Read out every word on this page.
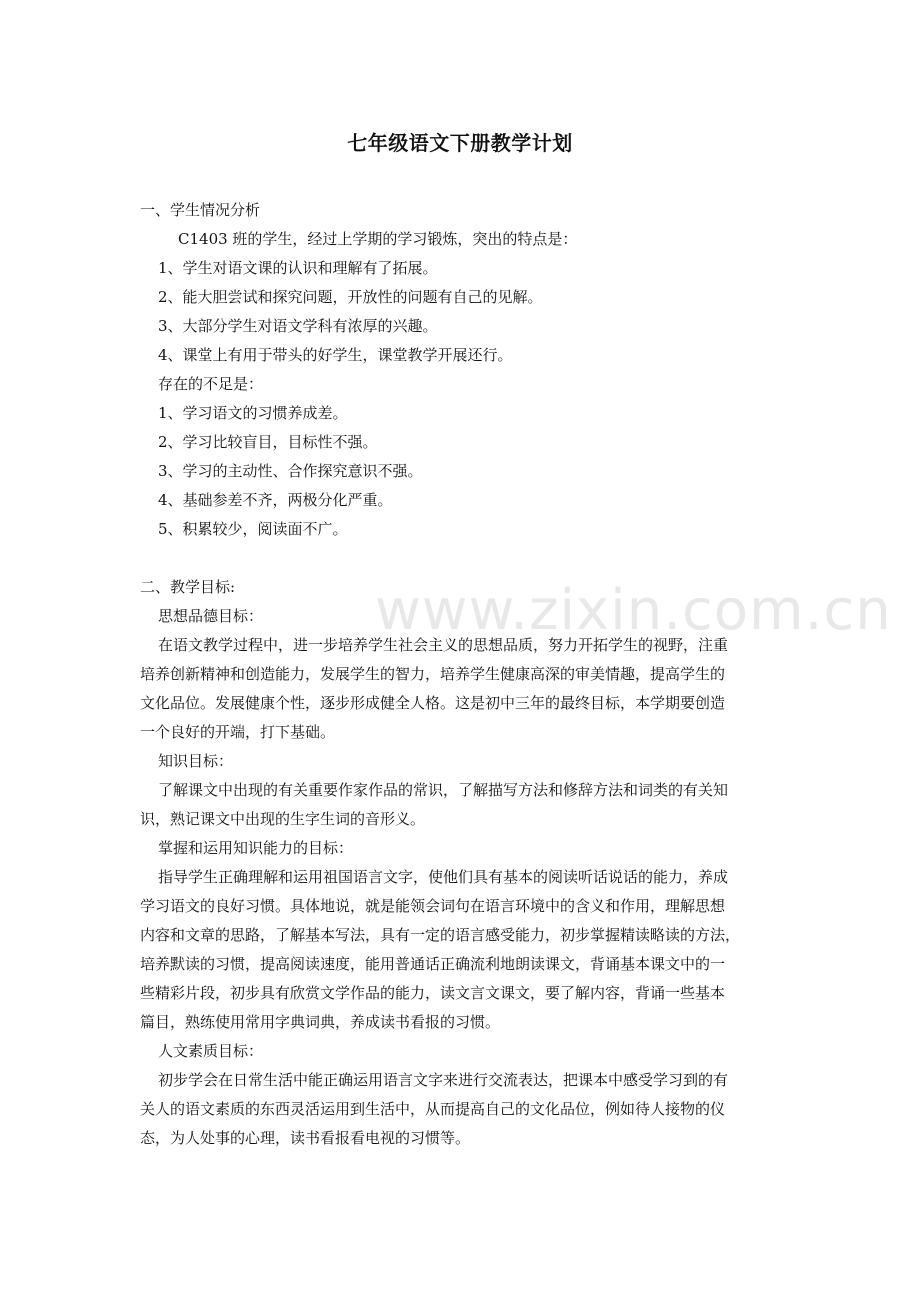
www.zixin.com.cn
七年级语文下册教学计划
一、学生情况分析
C1403 班的学生，经过上学期的学习锻炼，突出的特点是：
1、学生对语文课的认识和理解有了拓展。
2、能大胆尝试和探究问题，开放性的问题有自己的见解。
3、大部分学生对语文学科有浓厚的兴趣。
4、课堂上有用于带头的好学生，课堂教学开展还行。
存在的不足是：
1、学习语文的习惯养成差。
2、学习比较盲目，目标性不强。
3、学习的主动性、合作探究意识不强。
4、基础参差不齐，两极分化严重。
5、积累较少，阅读面不广。
二、教学目标:
思想品德目标：
在语文教学过程中，进一步培养学生社会主义的思想品质，努力开拓学生的视野，注重
培养创新精神和创造能力，发展学生的智力，培养学生健康高深的审美情趣，提高学生的
文化品位。发展健康个性，逐步形成健全人格。这是初中三年的最终目标，本学期要创造
一个良好的开端，打下基础。
知识目标：
了解课文中出现的有关重要作家作品的常识，了解描写方法和修辞方法和词类的有关知
识，熟记课文中出现的生字生词的音形义。
掌握和运用知识能力的目标：
指导学生正确理解和运用祖国语言文字，使他们具有基本的阅读听话说话的能力，养成
学习语文的良好习惯。具体地说，就是能领会词句在语言环境中的含义和作用，理解思想
内容和文章的思路，了解基本写法，具有一定的语言感受能力，初步掌握精读略读的方法，
培养默读的习惯，提高阅读速度，能用普通话正确流利地朗读课文，背诵基本课文中的一
些精彩片段，初步具有欣赏文学作品的能力，读文言文课文，要了解内容，背诵一些基本
篇目，熟练使用常用字典词典，养成读书看报的习惯。
人文素质目标：
初步学会在日常生活中能正确运用语言文字来进行交流表达，把课本中感受学习到的有
关人的语文素质的东西灵活运用到生活中，从而提高自己的文化品位，例如待人接物的仪
态，为人处事的心理，读书看报看电视的习惯等。
